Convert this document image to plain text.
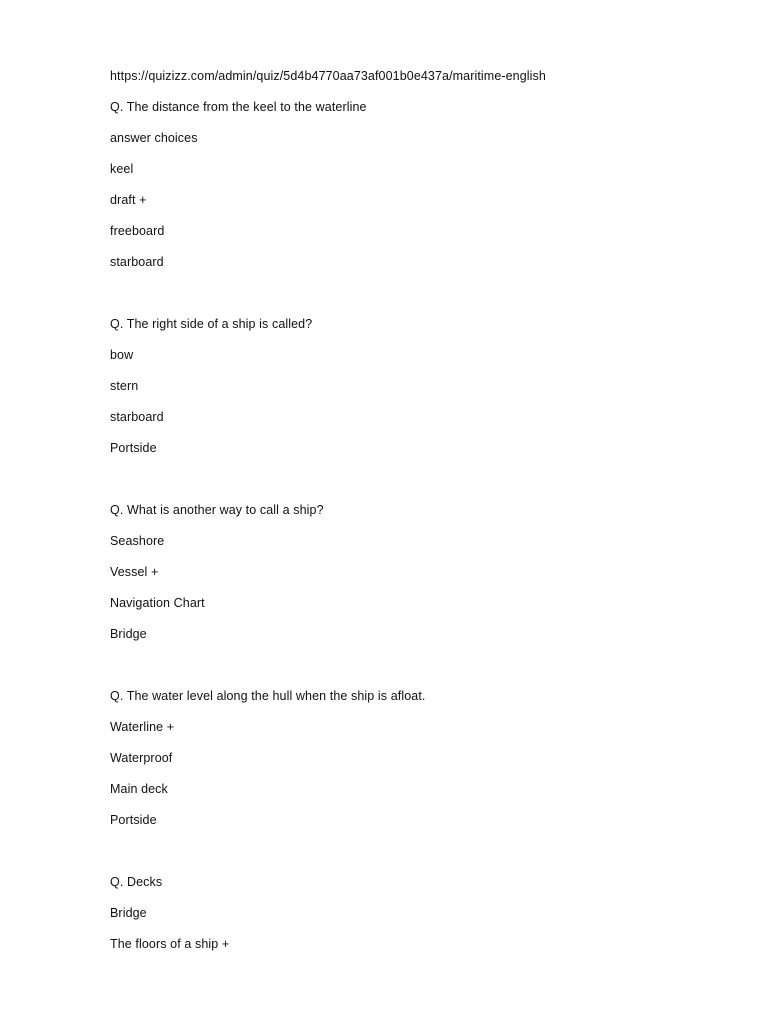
https://quizizz.com/admin/quiz/5d4b4770aa73af001b0e437a/maritime-english
Q. The distance from the keel to the waterline
answer choices
keel
draft +
freeboard
starboard
Q. The right side of a ship is called?
bow
stern
starboard
Portside
Q. What is another way to call a ship?
Seashore
Vessel +
Navigation Chart
Bridge
Q. The water level along the hull when the ship is afloat.
Waterline +
Waterproof
Main deck
Portside
Q. Decks
Bridge
The floors of a ship +
